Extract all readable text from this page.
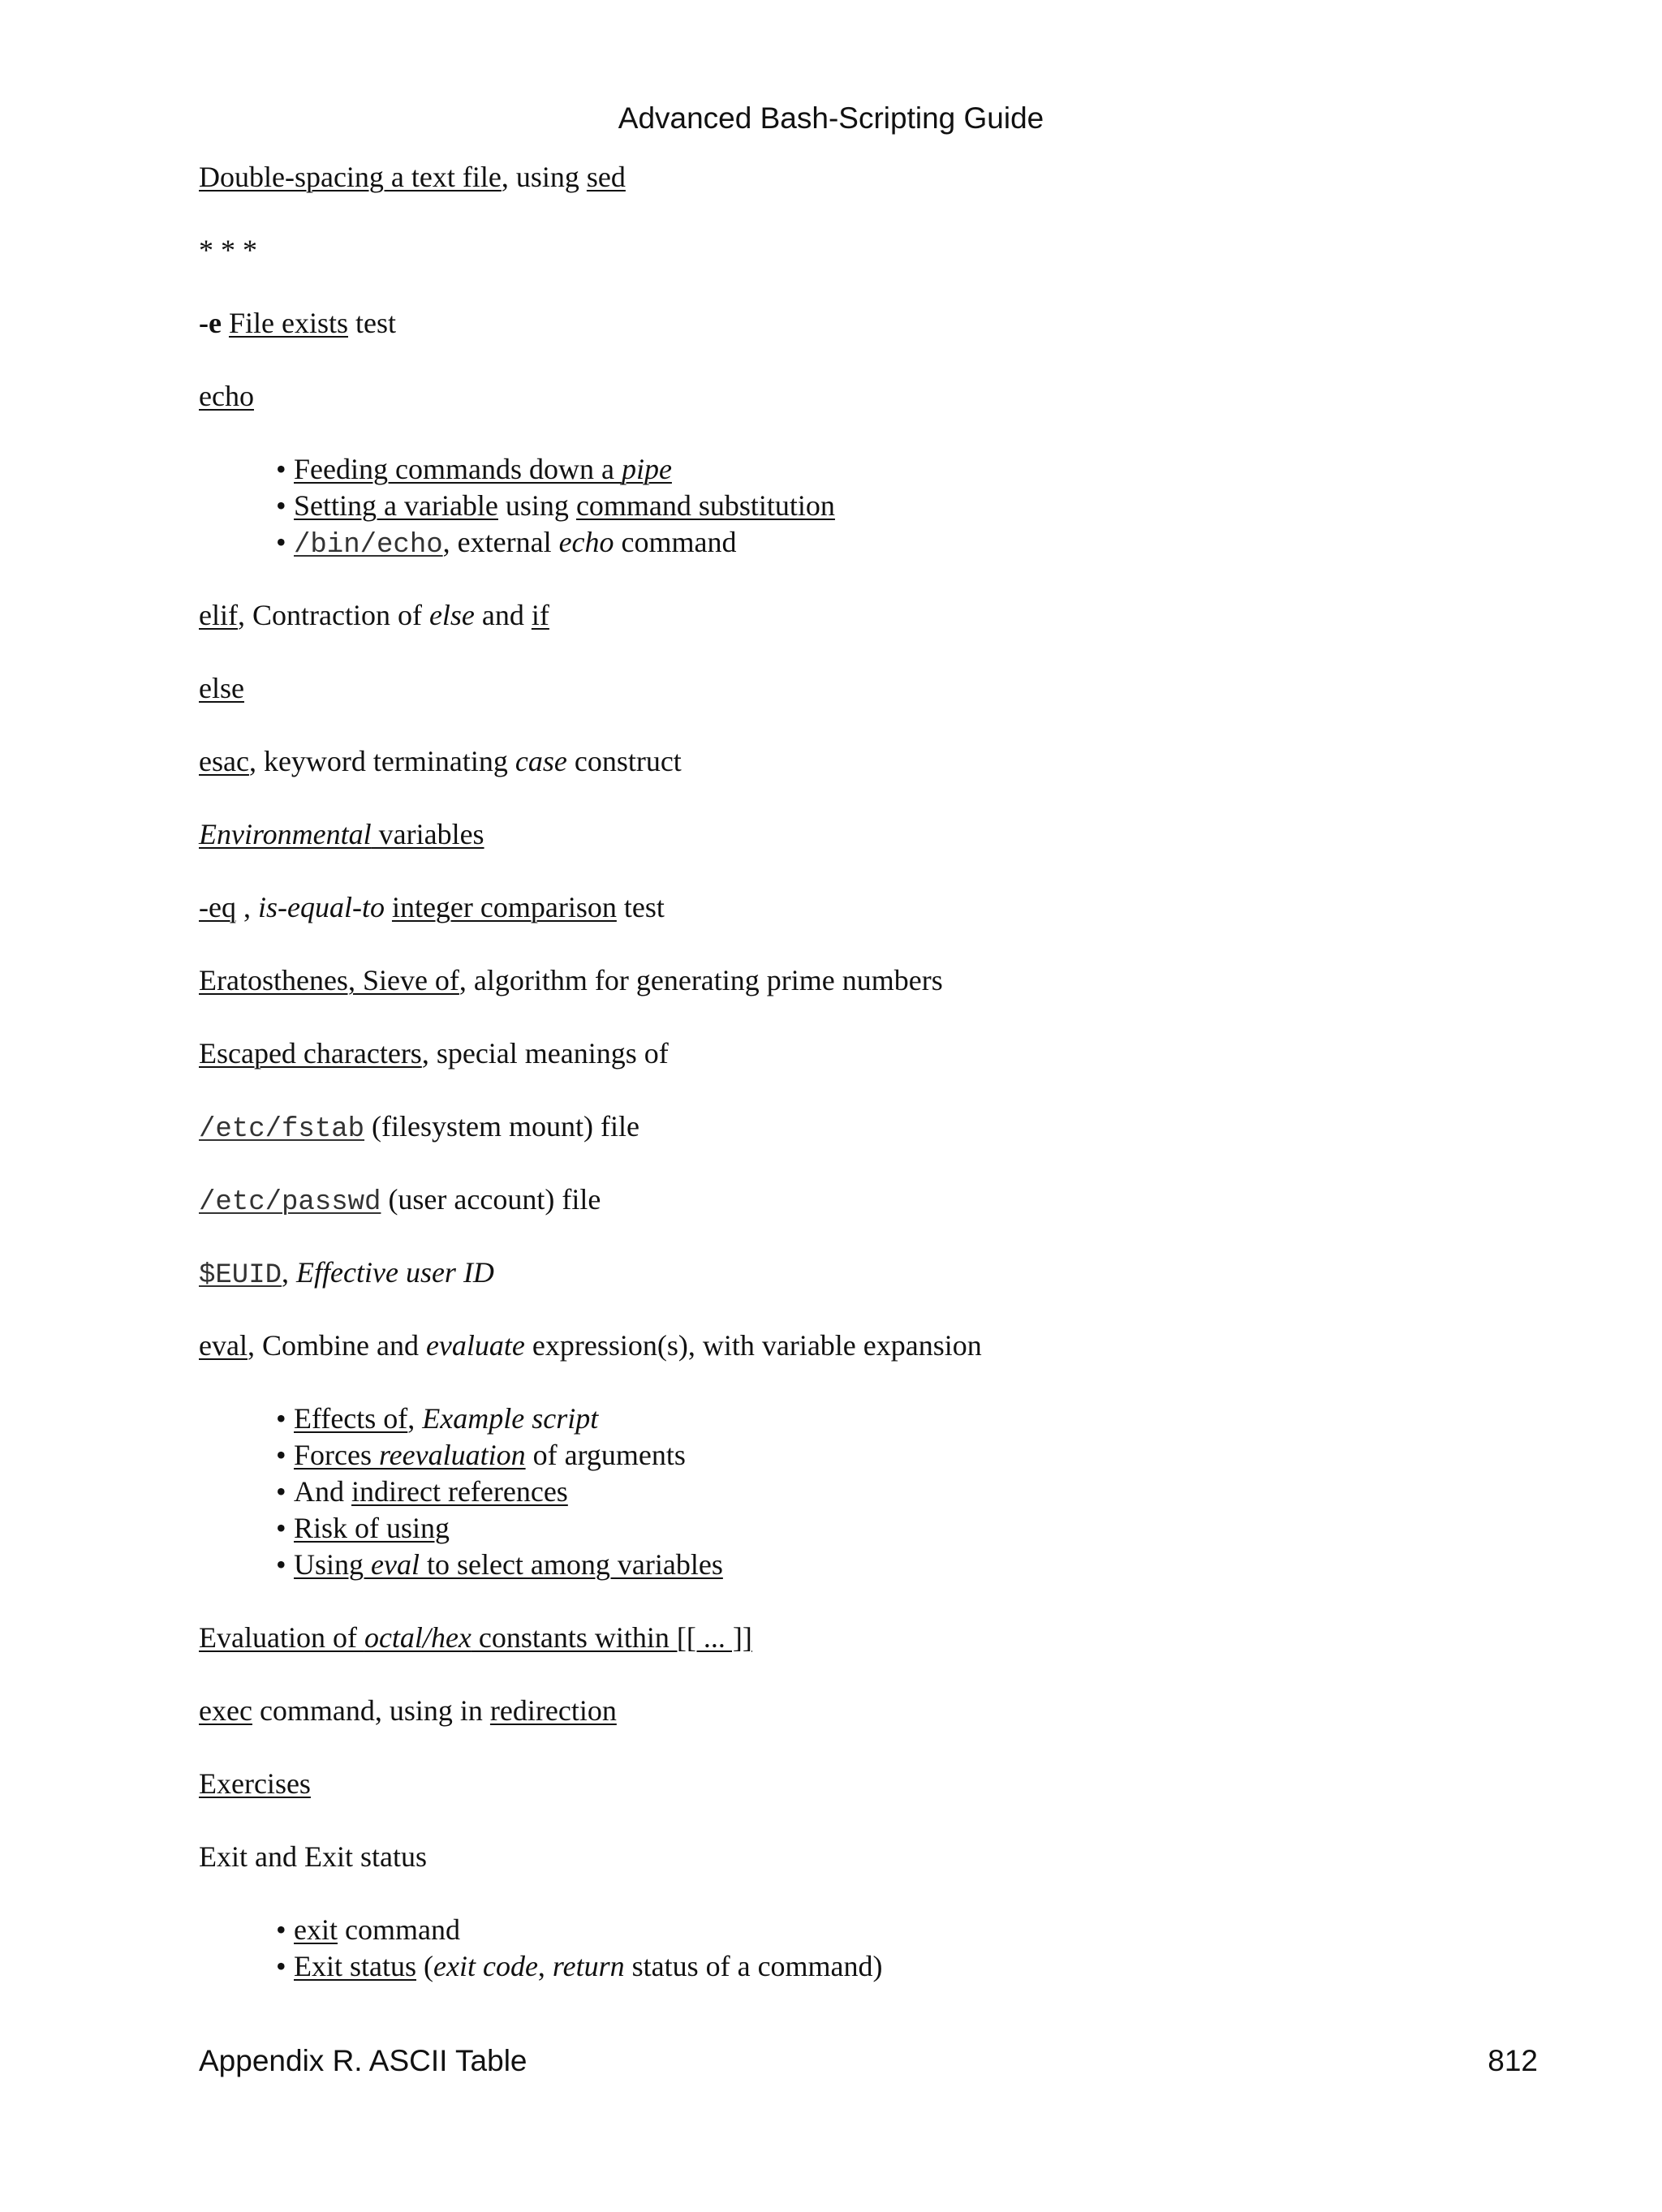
Advanced Bash-Scripting Guide

Double-spacing a text file, using sed

* * *

-e File exists test

echo

• Feeding commands down a pipe
• Setting a variable using command substitution
• /bin/echo, external echo command

elif, Contraction of else and if

else

esac, keyword terminating case construct

Environmental variables

-eq , is-equal-to integer comparison test

Eratosthenes, Sieve of, algorithm for generating prime numbers

Escaped characters, special meanings of

/etc/fstab (filesystem mount) file

/etc/passwd (user account) file

$EUID, Effective user ID

eval, Combine and evaluate expression(s), with variable expansion

• Effects of, Example script
• Forces reevaluation of arguments
• And indirect references
• Risk of using
• Using eval to select among variables

Evaluation of octal/hex constants within [[ ... ]]

exec command, using in redirection

Exercises

Exit and Exit status

• exit command
• Exit status (exit code, return status of a command)
Appendix R. ASCII Table	812
